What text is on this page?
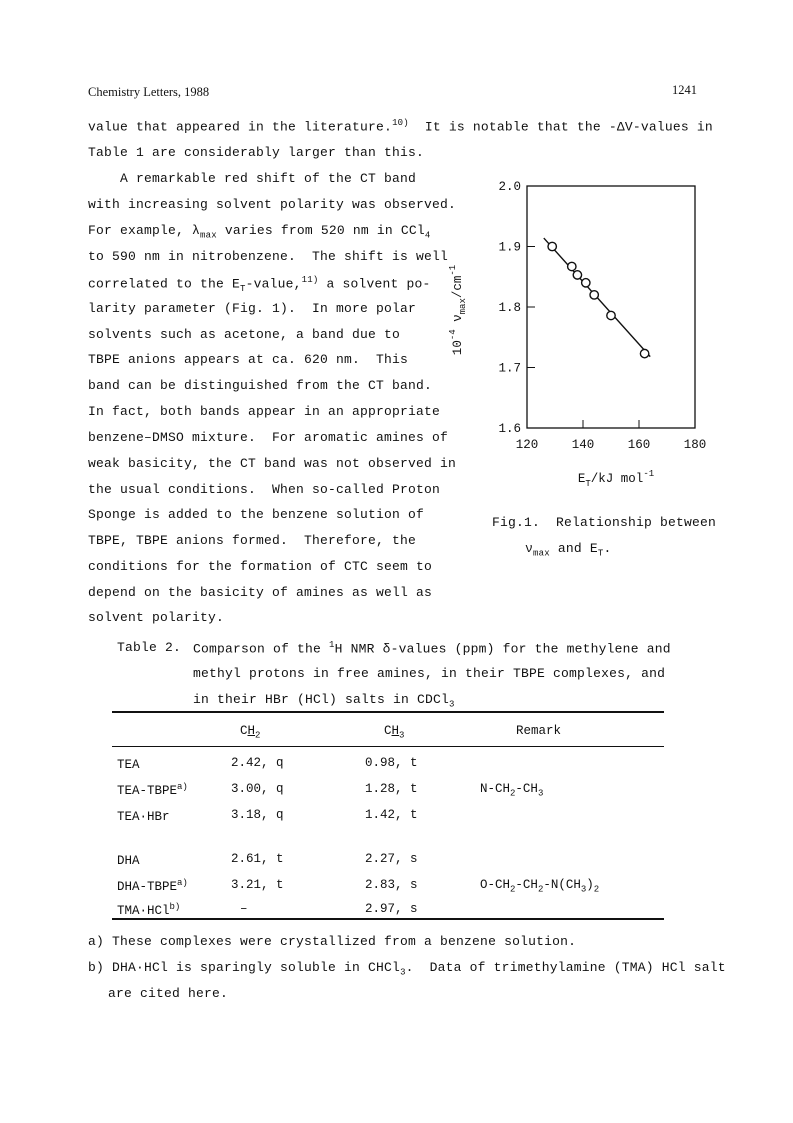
Chemistry Letters, 1988	1241
value that appeared in the literature.$^{10)}$  It is notable that the -ΔV-values in
Table 1 are considerably larger than this.
A remarkable red shift of the CT band
with increasing solvent polarity was observed.
For example, $\lambda_{max}$ varies from 520 nm in CCl$_4$
to 590 nm in nitrobenzene.  The shift is well
correlated to the $E_T-value,^{11)}$ a solvent po-
larity parameter (Fig. 1).  In more polar
solvents such as acetone, a band due to
TBPE anions appears at ca. 620 nm.  This
band can be distinguished from the CT band.
In fact, both bands appear in an appropriate
benzene–DMSO mixture.  For aromatic amines of
weak basicity, the CT band was not observed in
the usual conditions.  When so-called Proton
Sponge is added to the benzene solution of
TBPE, TBPE anions formed.  Therefore, the
conditions for the formation of CTC seem to
depend on the basicity of amines as well as
solvent polarity.
1.6
1.7
1.8
1.9
2.0
120	140	160	180
$E_T/kJ$ mol$^{-1}$
$10^{-4}$ $\nu_{max}/cm^{-1}$
Fig.1.  Relationship between
$\nu_{max}$ and $E_T$.
Table 2. Comparson of the $^1$H NMR δ-values (ppm) for the methylene and
methyl protons in free amines, in their TBPE complexes, and
in their HBr (HCl) salts in CDCl$_3$
$CH_2$	$CH_3$	Remark
TEA	2.42, q	0.98, t
TEA-TBPE$^{a)}$	3.00, q	1.28, t	$N-CH_2-CH_3$
TEA·HBr	3.18, q	1.42, t
DHA	2.61, t	2.27, s
DHA-TBPE$^{a)}$	3.21, t	2.83, s	$O-CH_2-CH_2-N(CH_3)_2$
TMA·HCl$^{b)}$	–	2.97, s
a) These complexes were crystallized from a benzene solution.
b) DHA·HCl is sparingly soluble in CHCl$_3$.  Data of trimethylamine (TMA) HCl salt
are cited here.
